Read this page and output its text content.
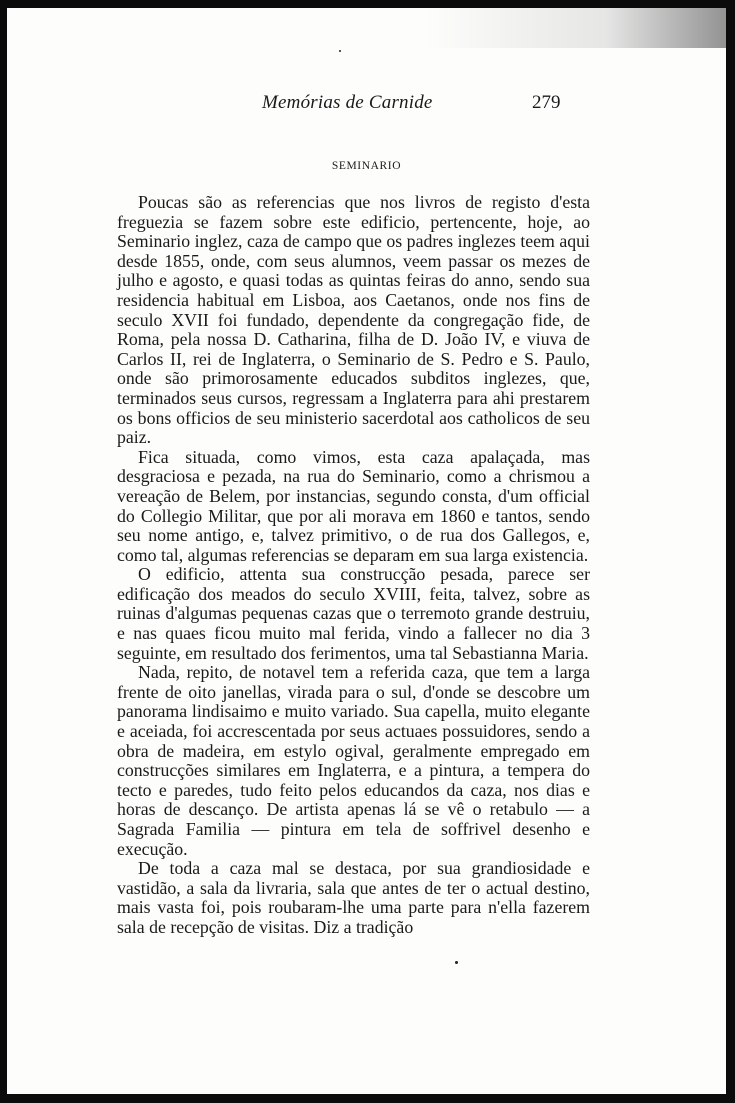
Memórias de Carnide	279
SEMINARIO

Poucas são as referencias que nos livros de registo d'esta freguezia se fazem sobre este edificio, pertencente, hoje, ao Seminario inglez, caza de campo que os padres inglezes teem aqui desde 1855, onde, com seus alumnos, veem passar os mezes de julho e agosto, e quasi todas as quintas feiras do anno, sendo sua residencia habitual em Lisboa, aos Caetanos, onde nos fins de seculo XVII foi fundado, dependente da congregação fide, de Roma, pela nossa D. Catharina, filha de D. João IV, e viuva de Carlos II, rei de Inglaterra, o Seminario de S. Pedro e S. Paulo, onde são primorosamente educados subditos inglezes, que, terminados seus cursos, regressam a Inglaterra para ahi prestarem os bons officios de seu ministerio sacerdotal aos catholicos de seu paiz.

Fica situada, como vimos, esta caza apalaçada, mas desgraciosa e pezada, na rua do Seminario, como a chrismou a vereação de Belem, por instancias, segundo consta, d'um official do Collegio Militar, que por ali morava em 1860 e tantos, sendo seu nome antigo, e, talvez primitivo, o de rua dos Gallegos, e, como tal, algumas referencias se deparam em sua larga existencia.

O edificio, attenta sua construcção pesada, parece ser edificação dos meados do seculo XVIII, feita, talvez, sobre as ruinas d'algumas pequenas cazas que o terremoto grande destruiu, e nas quaes ficou muito mal ferida, vindo a fallecer no dia 3 seguinte, em resultado dos ferimentos, uma tal Sebastianna Maria.

Nada, repito, de notavel tem a referida caza, que tem a larga frente de oito janellas, virada para o sul, d'onde se descobre um panorama lindisaimo e muito variado. Sua capella, muito elegante e aceiada, foi accrescentada por seus actuaes possuidores, sendo a obra de madeira, em estylo ogival, geralmente empregado em construcções similares em Inglaterra, e a pintura, a tempera do tecto e paredes, tudo feito pelos educandos da caza, nos dias e horas de descanço. De artista apenas lá se vê o retabulo — a Sagrada Familia — pintura em tela de soffrivel desenho e execução.

De toda a caza mal se destaca, por sua grandiosidade e vastidão, a sala da livraria, sala que antes de ter o actual destino, mais vasta foi, pois roubaram-lhe uma parte para n'ella fazerem sala de recepção de visitas. Diz a tradição
